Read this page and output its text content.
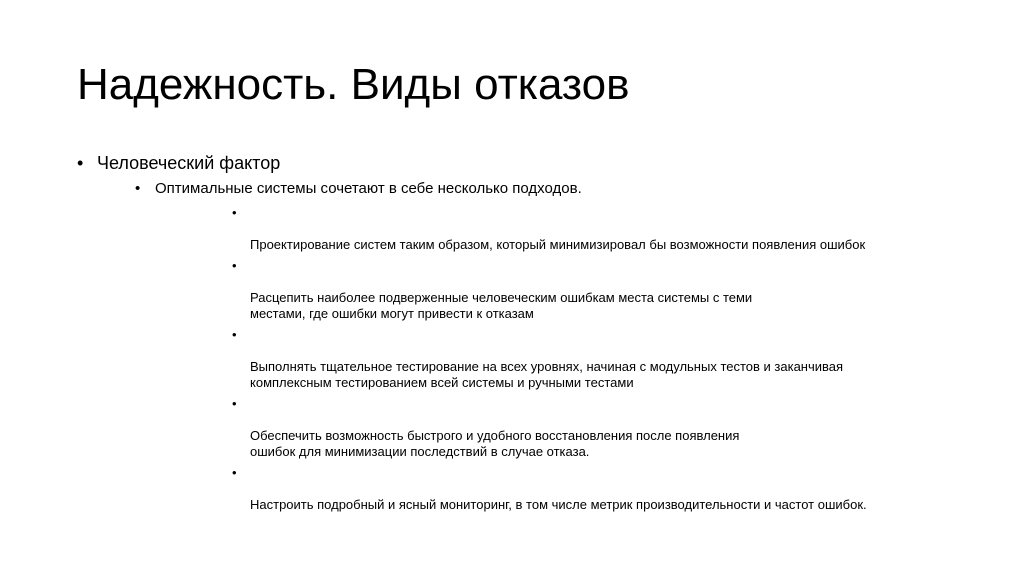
Надежность. Виды отказов
• Человеческий фактор
• Оптимальные системы сочетают в себе несколько подходов.

•

Проектирование систем таким образом, который минимизировал бы возможности появления ошибок

•

Расцепить наиболее подверженные человеческим ошибкам места системы с теми
местами, где ошибки могут привести к отказам

•

Выполнять тщательное тестирование на всех уровнях, начиная с модульных тестов и заканчивая
комплексным тестированием всей системы и ручными тестами

•

Обеспечить возможность быстрого и удобного восстановления после появления
ошибок для минимизации последствий в случае отказа.

•

Настроить подробный и ясный мониторинг, в том числе метрик производительности и частот ошибок.
